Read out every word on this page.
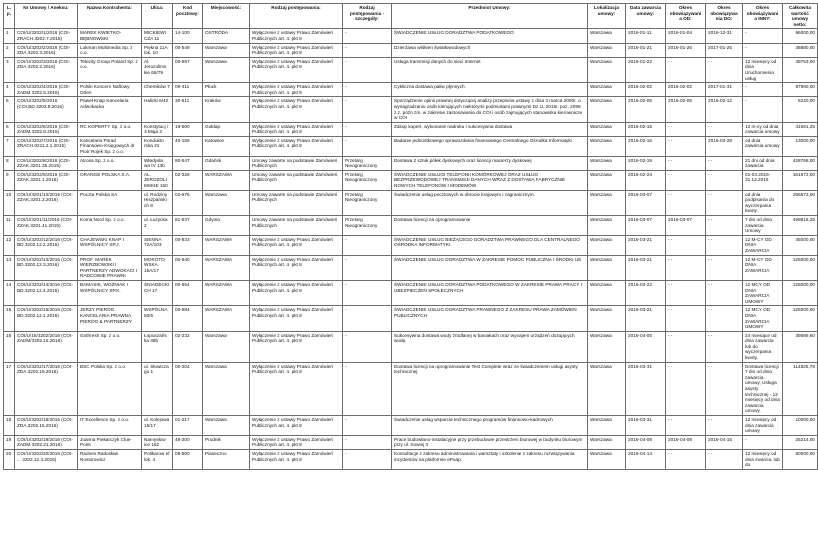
L.p.	Nr Umowy / Aneksu:	Nazwa Kontrahenta:	Ulica:	Kod pocztowy:	Miejscowość:	Rodzaj postępowania:	Rodzaj postępowania - szczegóły:	Przedmiot Umowy:	Lokalizacja umowy:	Data zawarcia umowy:	Okres obowiązywani a OD:	Okres obowiązywa nia DO:	Okres obowiązywani a INNY:	Całkowita wartość umowy netto:
1	COI/U/3202/1/2016 (COI-ZRACH.3202.7.2015)	MAREK KWIETKO-BĘBNOWSKI	MICKIEWI CZA 11	14-100	OSTRÓDA	Wyłączenie z ustawy Prawo Zamówień Publicznych art. 4. pkt 8	-	ŚWIADCZENIE USŁUG DORADZTWA PODATKOWEGO	Warszawa	2016-01-11	2016-01-04	2016-12-31	-	96000,00
2	COI/U/3202/2/2016 (COI-ZDA.3202.3.2016)	Lukman Multimedia Sp. z o.o.	Piękna 11A lok. 10	00-549	Warszawa	Wyłączenie z ustawy Prawo Zamówień Publicznych art. 4. pkt 8	-	Dzierżawa włókien światłowodowych	Warszawa	2016-01-21	2016-01-26	2017-01-25	-	38880,00
3	COI/U/3202/3/2016 (COI-ZDA.3202.2.2016)	Telecity Group Poland Sp. z o.o.	Al. Jerozolims kie 65/79	00-697	Warszawa	Wyłączenie z ustawy Prawo Zamówień Publicznych art. 4. pkt 8	-	Usługa transmisji danych do sieci Internet	Warszawa	2016-01-22	- -	- -	12 miesięcy od dnia Uruchomienia usług	49753,00
4	COI/U/3202/4/2016 (COI-ZADM.3202.5.2016)	Polski Koncern Naftowy Orlen	Chemików 7	09-411	Płock	Wyłączenie z ustawy Prawo Zamówień Publicznych art. 4. pkt 8	-	Cykliczna dostawa paliw płynnych	Warszawa	2016-02-02	2016-02-02	2017-01-31	-	87990,00
5	COI/U/3202/5/2016 (COI.BD.3202.9.2016)	Paweł Knap Kancelaria Adwokacka	Halicki 6/42	30-611	Kraków	Wyłączenie z ustawy Prawo Zamówień Publicznych art. 4. pkt 8	-	Sporządzenie opinii prawnej dotyczącej analizy przepisów ustawy z dnia 3 marca 2000r. o wynagradzaniu osób kierujących niektórymi podmiotami prawnymi Dz.U. 2015r. poz. 2099 z.z. późn zm. w zakresie zastosowania do COI i osób zajmujących stanowiska kierownicze w COI	Warszawa	2016-02-05	2016-02-05	2016-02-12	-	6240,00
6	COI/U/3202/6/2016 (COI-ZADM.3202.8.2016)	RC KOPERTY Sp. z o.o.	Konstytucj i 3 Maja 2	19-500	Gołdap	Wyłączenie z ustawy Prawo Zamówień Publicznych art. 4. pkt 8	-	Zakup kopert, wykonanie nadruku i sukcesywna dostawa	Warszawa	2016-02-15	- -	- -	12 m-cy od dnia zawarcia umowy	41681,25
7	COI/U/3202/7/2016 (COI-ZRACH.0211.2.1.2015)	Kancelaria Porad Finansowo-Księgowych dr Piotr Rojek Sp. z o.o.	Kondukto rska 31	40-155	Katowice	Wyłączenie z ustawy Prawo Zamówień Publicznych art. 4. pkt 8	-	Badanie jednostkowego sprawozdania finansowego Centralnego Ośrodka Informatyki	Warszawa	2016-02-16	- -	2016-03-28	od dnia zawarcia umowy	13000,00
8	COI/U/3202/8/2016 (COI-ZZAK.3201.35.2015)	Atrosa Sp. z o.o.	Władysła wa IV 13b	80-547	Gdańsk	Umowy zawarte na podstawie Zamówień Publicznych	Przetarg Nieograniczony	Dostawa 2 sztuk półek dyskowych oraz licencji macierzy dyskowej	Warszawa	2016-02-19	- -	- -	21 dni od dnia zawarcia	428768,00
9	COI/U/3202/9/2016 (COI-ZZAK.3201.1.2016)	ORANGE POLSKA S.A.	AL. JEROZOLI MSKIE 160	02-326	WARSZAWA	Umowy zawarte na podstawie Zamówień Publicznych	Przetarg Nieograniczony	ŚWIADCZENIE USŁUGI TELEFONII KOMÓRKOWEJ ORAZ USŁUG BEZPRZEWODOWEJ TRANSMISJI DANYCH WRAZ Z DOSTAWĄ FABRYCZNIE NOWYCH TELEFONÓW I MODEMÓW	Warszawa	2016-02-24	- -	- -	01-03.2016-31.12.2016	161972,00
10	COI/U/3201/10/2016 (COI-ZZAK.3201.2.2016)	Poczta Polska SA	ul. Rodziny Hiszpański ch 8	02-676	Warszawa	Umowy zawarte na podstawie Zamówień Publicznych	Przetarg Nieograniczony	Świadczenie usług pocztowych w obrocie krajowym i zagranicznym.	Warszawa	2016-03-07	- -	- -	od dnia podpisania do wyczerpania kwoty	256572,00
11	COI/U/3201/11/2016 (COI-ZZAK.3201.41.2015)	Koma Nord Sp. z o.o.	ul. Łużycka 2	81-537	Gdynia	Umowy zawarte na podstawie Zamówień Publicznych	Przetarg Nieograniczony	Dostawa licencji na oprogramowanie	Warszawa	2016-03-07	2016-03-07	- -	7 dni od dnia zawarcia Umowy	499818,25
12	COI/U/3202/12/2016 (COI-BD.3202.12.2.2016)	CHAJEWSKI KNAP I WSPÓLNICY SP.J.	SIENNA 72A/103	00-833	WARSZAWA	Wyłączenie z ustawy Prawo Zamówień Publicznych art. 4. pkt 8	-	ŚWIADCZENIE USŁUG BIEŻĄCEGO DORADZTWA PRAWNEGO DLA CENTRALNEGO OŚRODKA INFORMATYKI	Warszawa	2016-03-21	- -	- -	12 M-CY OD DNIA ZAWARCIA	45000,00
13	COI/U/3202/13/2016 (COI-BD.3202.12.3.2016)	PROF. MAREK WIERZBOWSKI I PARTNERZY ADWOKACI I RADCOWIE PRAWNI	MOKOTO WSKA 15A/17	00-640	WARSZAWA	Wyłączenie z ustawy Prawo Zamówień Publicznych art. 4. pkt 8	-	ŚWIADCZENIE USŁUG DORADZTWA W ZAKRESIE POMOC PUBLICZNA I ŚRODKI UE	Warszawa	2016-03-21	- -	- -	12 M-CY OD DNIA ZAWARCIA	125000,00
14	COI/U/3202/14/2016 (COI-BD.3202.12.4.2016)	BAMASIK, WOŹNIAK I WSPÓLNICY SP.K.	ŚNIADECKI CH 17	00-654	WARSZAWA	Wyłączenie z ustawy Prawo Zamówień Publicznych art. 4. pkt 8	-	ŚWIADCZENIE USŁUG DORADZTWA PODATKOWEGO W ZAKRESIE PRAWA PRACY I UBEZPIECZEŃ SPOŁECZNYCH	Warszawa	2016-03-22	- -	- -	12 MCY OD DNIA ZAWARCIA UMOWY	125000,00
15	COI/U/3202/15/2016 (COI-BD.3202.12.1.2016)	JERZY PIERÓG KANCELARIA PRAWNA PIERÓG & PARTNERZY	WSPÓLNA 50/6	00-684	WARSZAWA	Wyłączenie z ustawy Prawo Zamówień Publicznych art. 4. pkt 8	-	ŚWIADCZENIE USŁUG DORADZTWA PRAWNEGO Z ZAKRESU PRAWA ZAMÓWIEŃ PUBLICZNYCH	Warszawa	2016-03-21	- -	- -	12 MCY OD DNIA ZAWARCIA UMOWY	125000,00
16	COI/U/16/3202/2016 (COI-ZADM/3202.16.2016)	Gothresh Sp. z o.o.	Łopuszańs ka 38b	02-232	Warszawa	Wyłączenie z ustawy Prawo Zamówień Publicznych art. 4. pkt 8	-	Sukcesywna dostawa wody źródlanej w baniakach oraz wynajem urządzeń dozujących wodę.	Warszawa	2016-04-05	- -	- -	24 miesiące od dnia zawarcia lub do wyczerpania kwoty.	39589,60
17	COI/U/3202/17/2016 (COI-ZDA.3202.18.2016)	BSC Polska Sp. z o.o.	ul. Słowicza go 1	00-204	Warszawa	Wyłączenie z ustawy Prawo Zamówień Publicznych art. 4. pkt 8	-	Dostawa licencji na oprogramowanie Test Complete wraz ze świadczeniem usługi asysty technicznej	Warszawa	2016-03-31	- -	- -	Dostawa licencji 7 dni od dnia zawarcia umowy, Usługa asysty technicznej - 12 miesięcy od dnia zawarcia umowy.	114825,78
18	COI/U/3202/18/2016 (COI-ZDA.3202.16.2016)	IT Excellence Sp. z o.o.	ul. Kolejowa 15/17	01-217	Warszawa	Wyłączenie z ustawy Prawo Zamówień Publicznych art. 4. pkt 8	-	Świadczenie usług wsparcia technicznego programów finansowo-kadrowych	Warszawa	2016-03-31	- -	- -	12 miesięcy od dnia zawarcia umowy	10000,00
19	COI/U/3202/19/2016 (COI-ZADM.3202.21.2016)	Joanna Piekarczyk Clue-Point	Namysłow ice 162	48-200	Prudnik	Wyłączenie z ustawy Prawo Zamówień Publicznych art. 4. pkt 8	-	Prace budowlano-instalacyjne przy przebudowie przestrzeni biurowej w budynku biurowym przy ul. Sowiej 3	Warszawa	2016-04-08	2016-04-08	2016-04-15	-	25214,00
20	COI/U/3202/20/2016 (COI- ... 3202.12.4.2016)	Radnes Radosław Nostorowicz	Polikarow ef lok. 4	05-500	Piaseczno	Wyłączenie z ustawy Prawo Zamówień Publicznych art. 4. pkt 8	-	Konsultacje z zakresu administrowania i warsztaty i szkolenie z zakresu rozwiązywania incydentów na platformie ePuap.	Warszawa	2016-04-14	- -	- -	12 miesięcy od dnia zwarcia, lub do	50000,00
